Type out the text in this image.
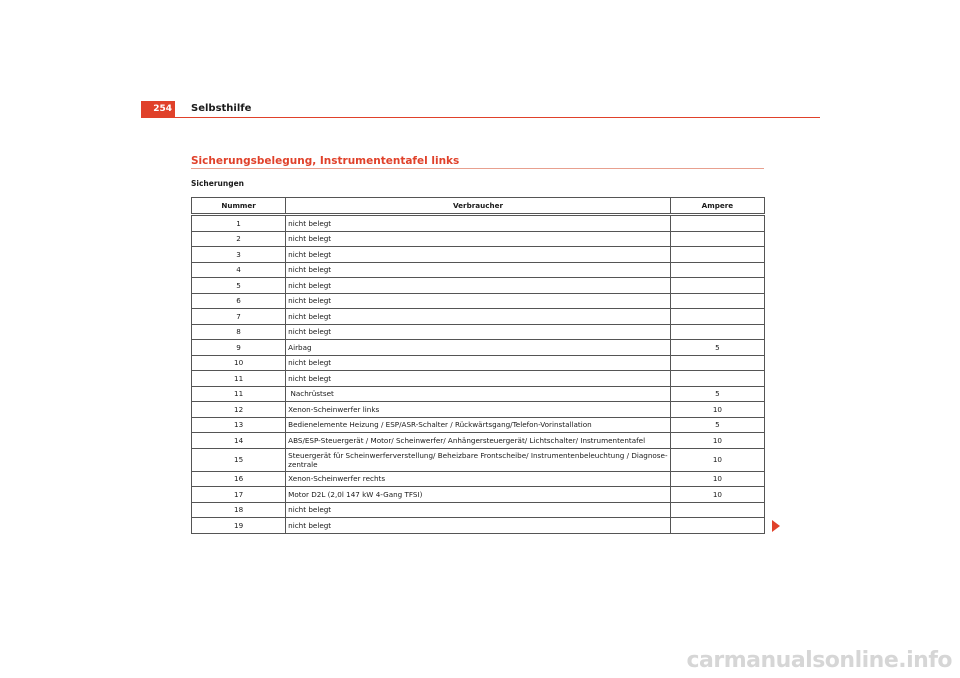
254	Selbsthilfe
Sicherungsbelegung, Instrumententafel links
Sicherungen
Nummer	Verbraucher	Ampere
1	nicht belegt	
2	nicht belegt	
3	nicht belegt	
4	nicht belegt	
5	nicht belegt	
6	nicht belegt	
7	nicht belegt	
8	nicht belegt	
9	Airbag	5
10	nicht belegt	
11	nicht belegt	
11	Nachrüstset	5
12	Xenon-Scheinwerfer links	10
13	Bedienelemente Heizung / ESP/ASR-Schalter / Rückwärtsgang/Telefon-Vorinstallation	5
14	ABS/ESP-Steuergerät / Motor/ Scheinwerfer/ Anhängersteuergerät/ Lichtschalter/ Instrumententafel	10
15	Steuergerät für Scheinwerferverstellung/ Beheizbare Frontscheibe/ Instrumentenbeleuchtung / Diagnose-zentrale	10
16	Xenon-Scheinwerfer rechts	10
17	Motor D2L (2,0l 147 kW 4-Gang TFSI)	10
18	nicht belegt	
19	nicht belegt	
carmanualsonline.info
